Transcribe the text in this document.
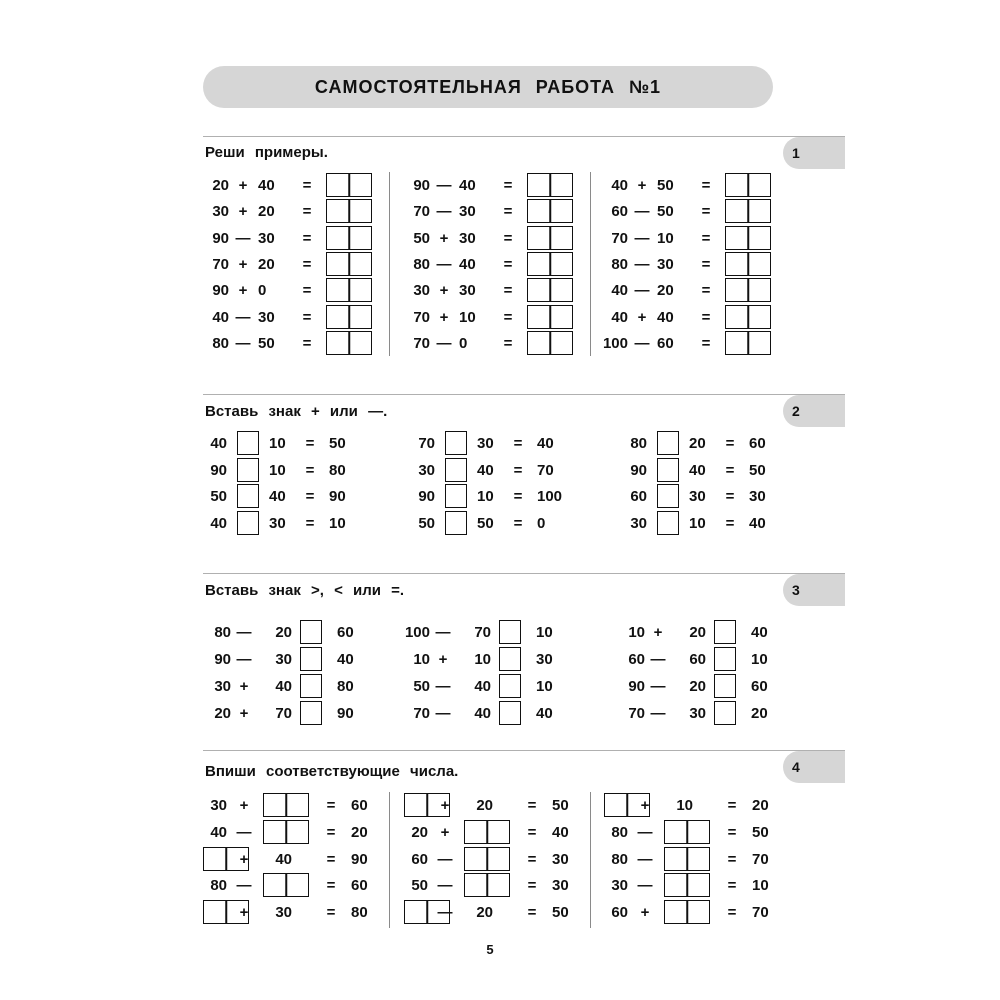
САМОСТОЯТЕЛЬНАЯ РАБОТА №1
1
Реши примеры.
2
Вставь знак + или —.
3
Вставь знак >, < или =.
4
Впиши соответствующие числа.
20 + 40	=
30 + 20	=
90 — 30	=
70 + 20	=
90 + 0	=
40 — 30	=
80 — 50	=
90 — 40	=
70 — 30	=
50 + 30	=
80 — 40	=
30 + 30	=
70 + 10	=
70 — 0	=
40 + 50	=
60 — 50	=
70 — 10	=
80 — 30	=
40 — 20	=
40 + 40	=
100 — 60	=
40	10	= 50
90	10	= 80
50	40	= 90
40	30	= 10
70	30	= 40
30	40	= 70
90	10	= 100
50	50	= 0
80	20	= 60
90	40	= 50
60	30	= 30
30	10	= 40
80 —	20	60
90 —	30	40
30 +	40	80
20 +	70	90
100 —	70	10
10 +	10	30
50 —	40	10
70 —	40	40
10 +	20	40
60 —	60	10
90 —	20	60
70 —	30	20
30 +	= 60
40 —	= 20
+	40 = 90
80 —	= 60
+	30 = 80
+	20 = 50
20 +	= 40
60 —	= 30
50 —	= 30
—	20 = 50
+	10 = 20
80 —	= 50
80 —	= 70
30 —	= 10
60 +	= 70
5
